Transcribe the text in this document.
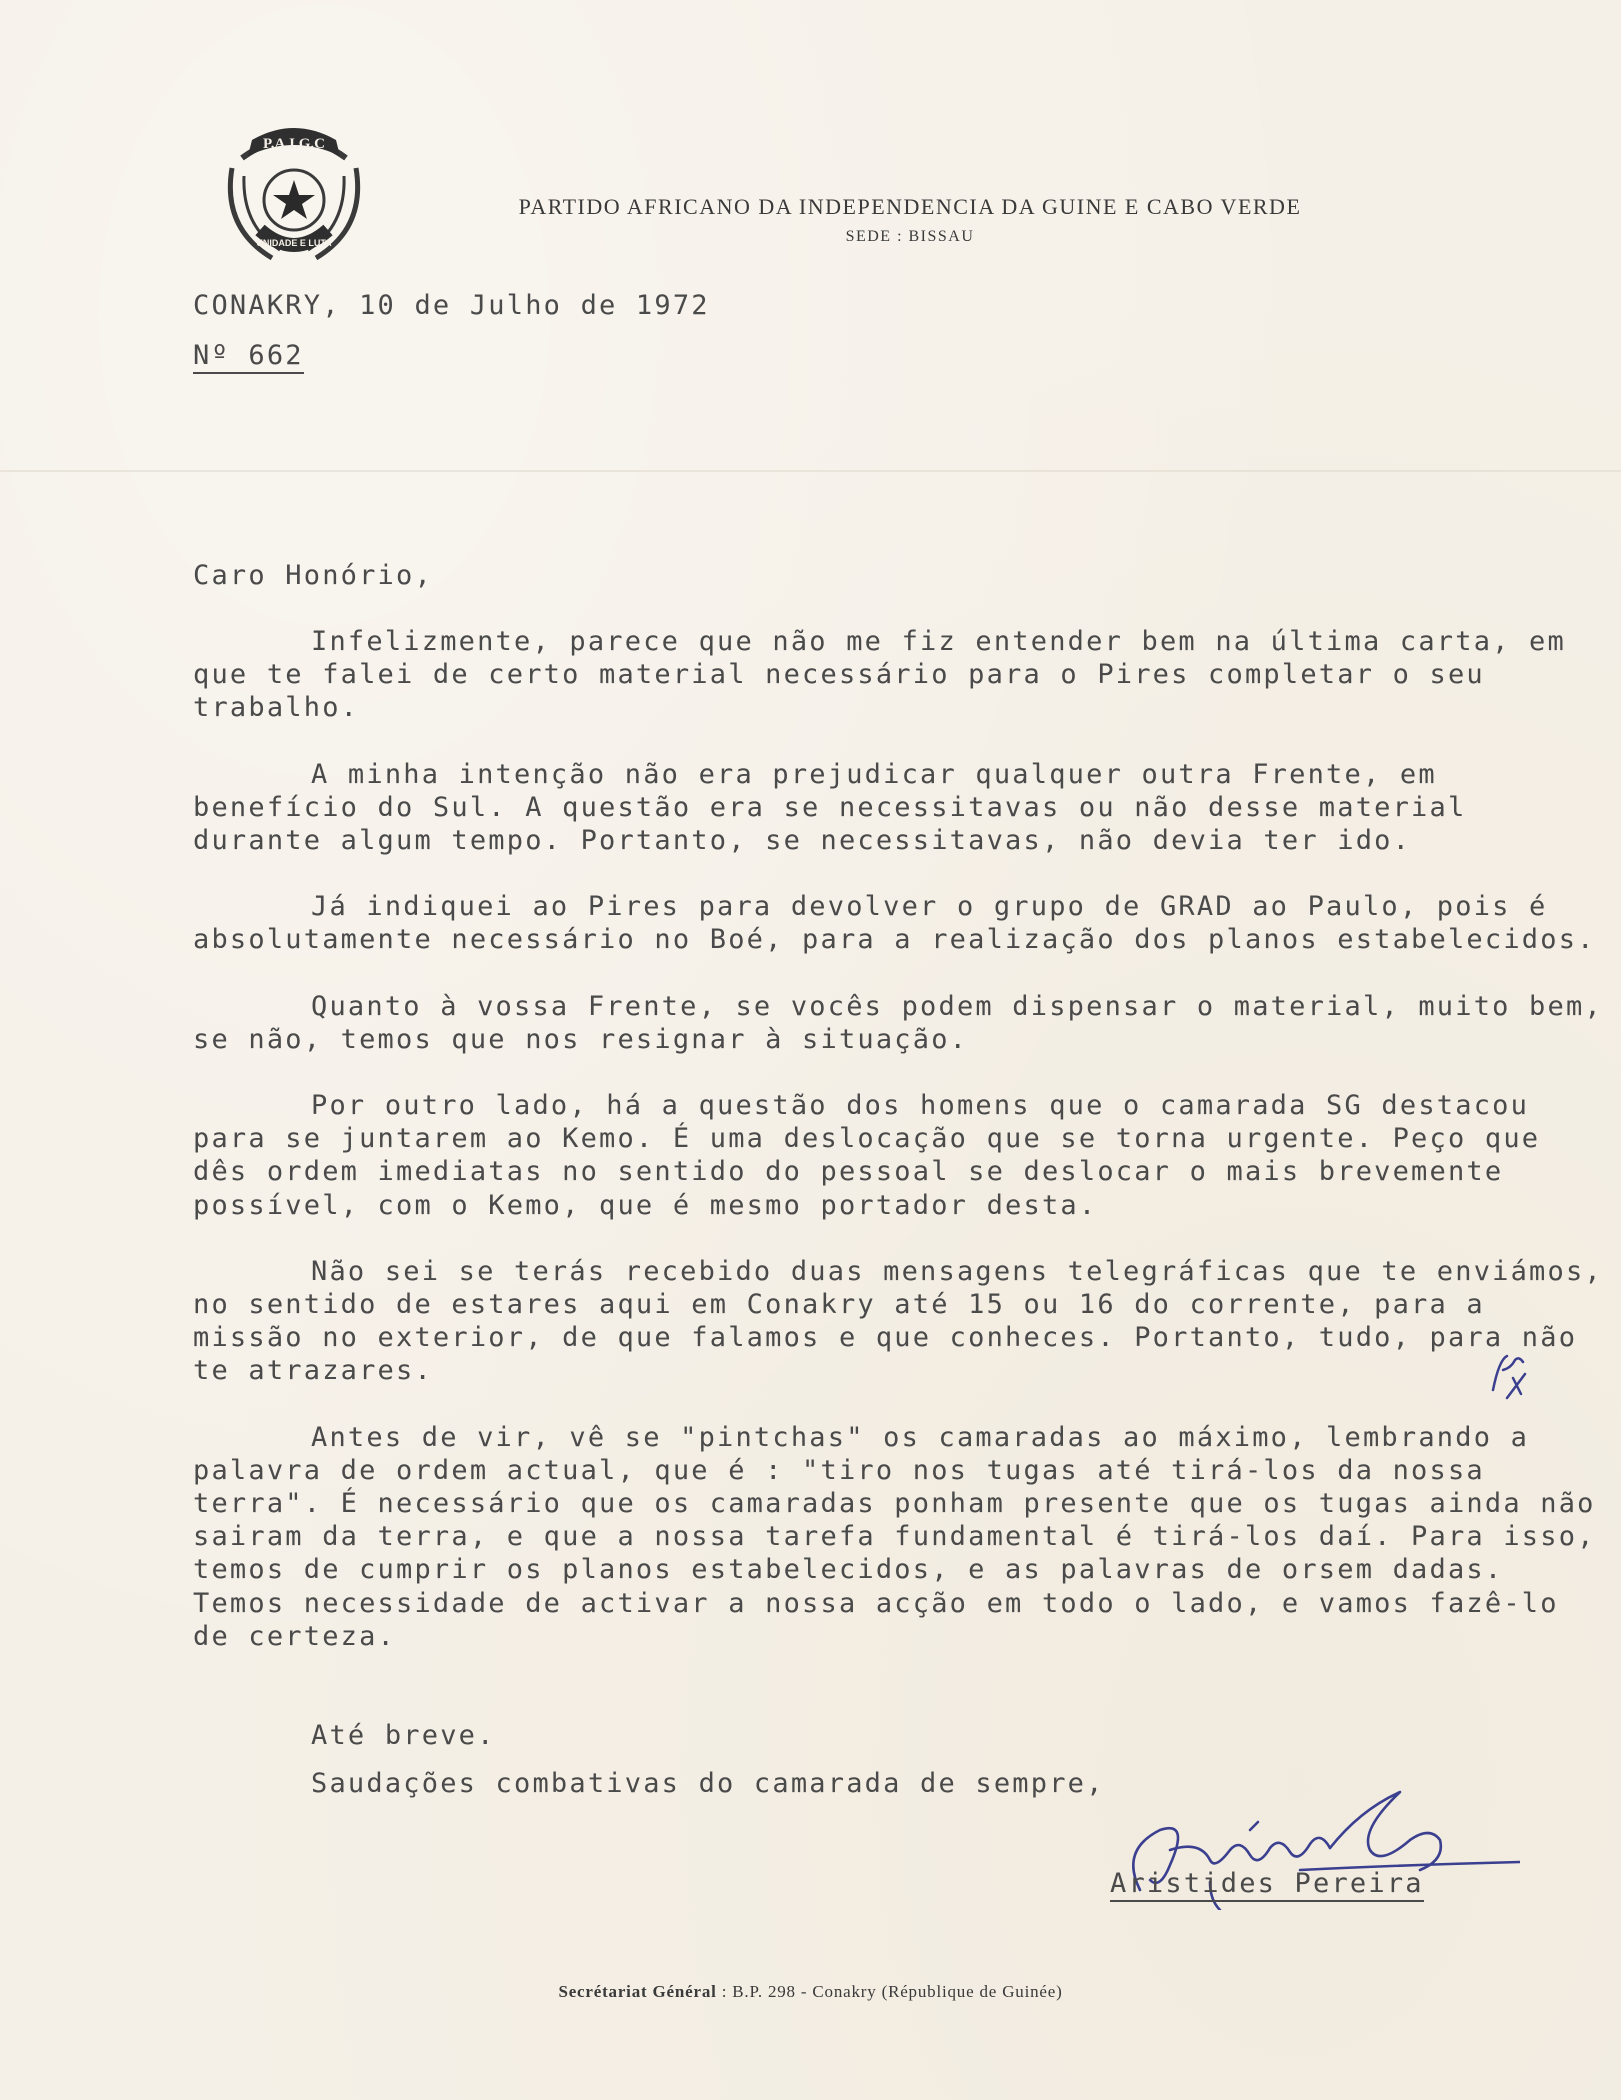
P.A.I.G.C
UNIDADE E LUTA
PARTIDO AFRICANO DA INDEPENDENCIA DA GUINE E CABO VERDE
SEDE : BISSAU
CONAKRY, 10 de Julho de 1972
Nº 662
Caro Honório,

Infelizmente, parece que não me fiz entender bem na última carta, em que te falei de certo material necessário para o Pires completar o seu trabalho.

A minha intenção não era prejudicar qualquer outra Frente, em benefício do Sul. A questão era se necessitavas ou não desse material durante algum tempo. Portanto, se necessitavas, não devia ter ido.

Já indiquei ao Pires para devolver o grupo de GRAD ao Paulo, pois é absolutamente necessário no Boé, para a realização dos planos estabelecidos.

Quanto à vossa Frente, se vocês podem dispensar o material, muito bem, se não, temos que nos resignar à situação.

Por outro lado, há a questão dos homens que o camarada SG destacou para se juntarem ao Kemo. É uma deslocação que se torna urgente. Peço que dês ordem imediatas no sentido do pessoal se deslocar o mais brevemente possível, com o Kemo, que é mesmo portador desta.

Não sei se terás recebido duas mensagens telegráficas que te enviámos, no sentido de estares aqui em Conakry até 15 ou 16 do corrente, para a missão no exterior, de que falamos e que conheces. Portanto, tudo, para não te atrazares.

Antes de vir, vê se "pintchas" os camaradas ao máximo, lembrando a palavra de ordem actual, que é : "tiro nos tugas até tirá-los da nossa terra". É necessário que os camaradas ponham presente que os tugas ainda não sairam da terra, e que a nossa tarefa fundamental é tirá-los daí. Para isso, temos de cumprir os planos estabelecidos, e as palavras de orsem dadas. Temos necessidade de activar a nossa acção em todo o lado, e vamos fazê-lo de certeza.

Até breve.
Saudações combativas do camarada de sempre,
Aristides Pereira
Secrétariat Général : B.P. 298 - Conakry (République de Guinée)
